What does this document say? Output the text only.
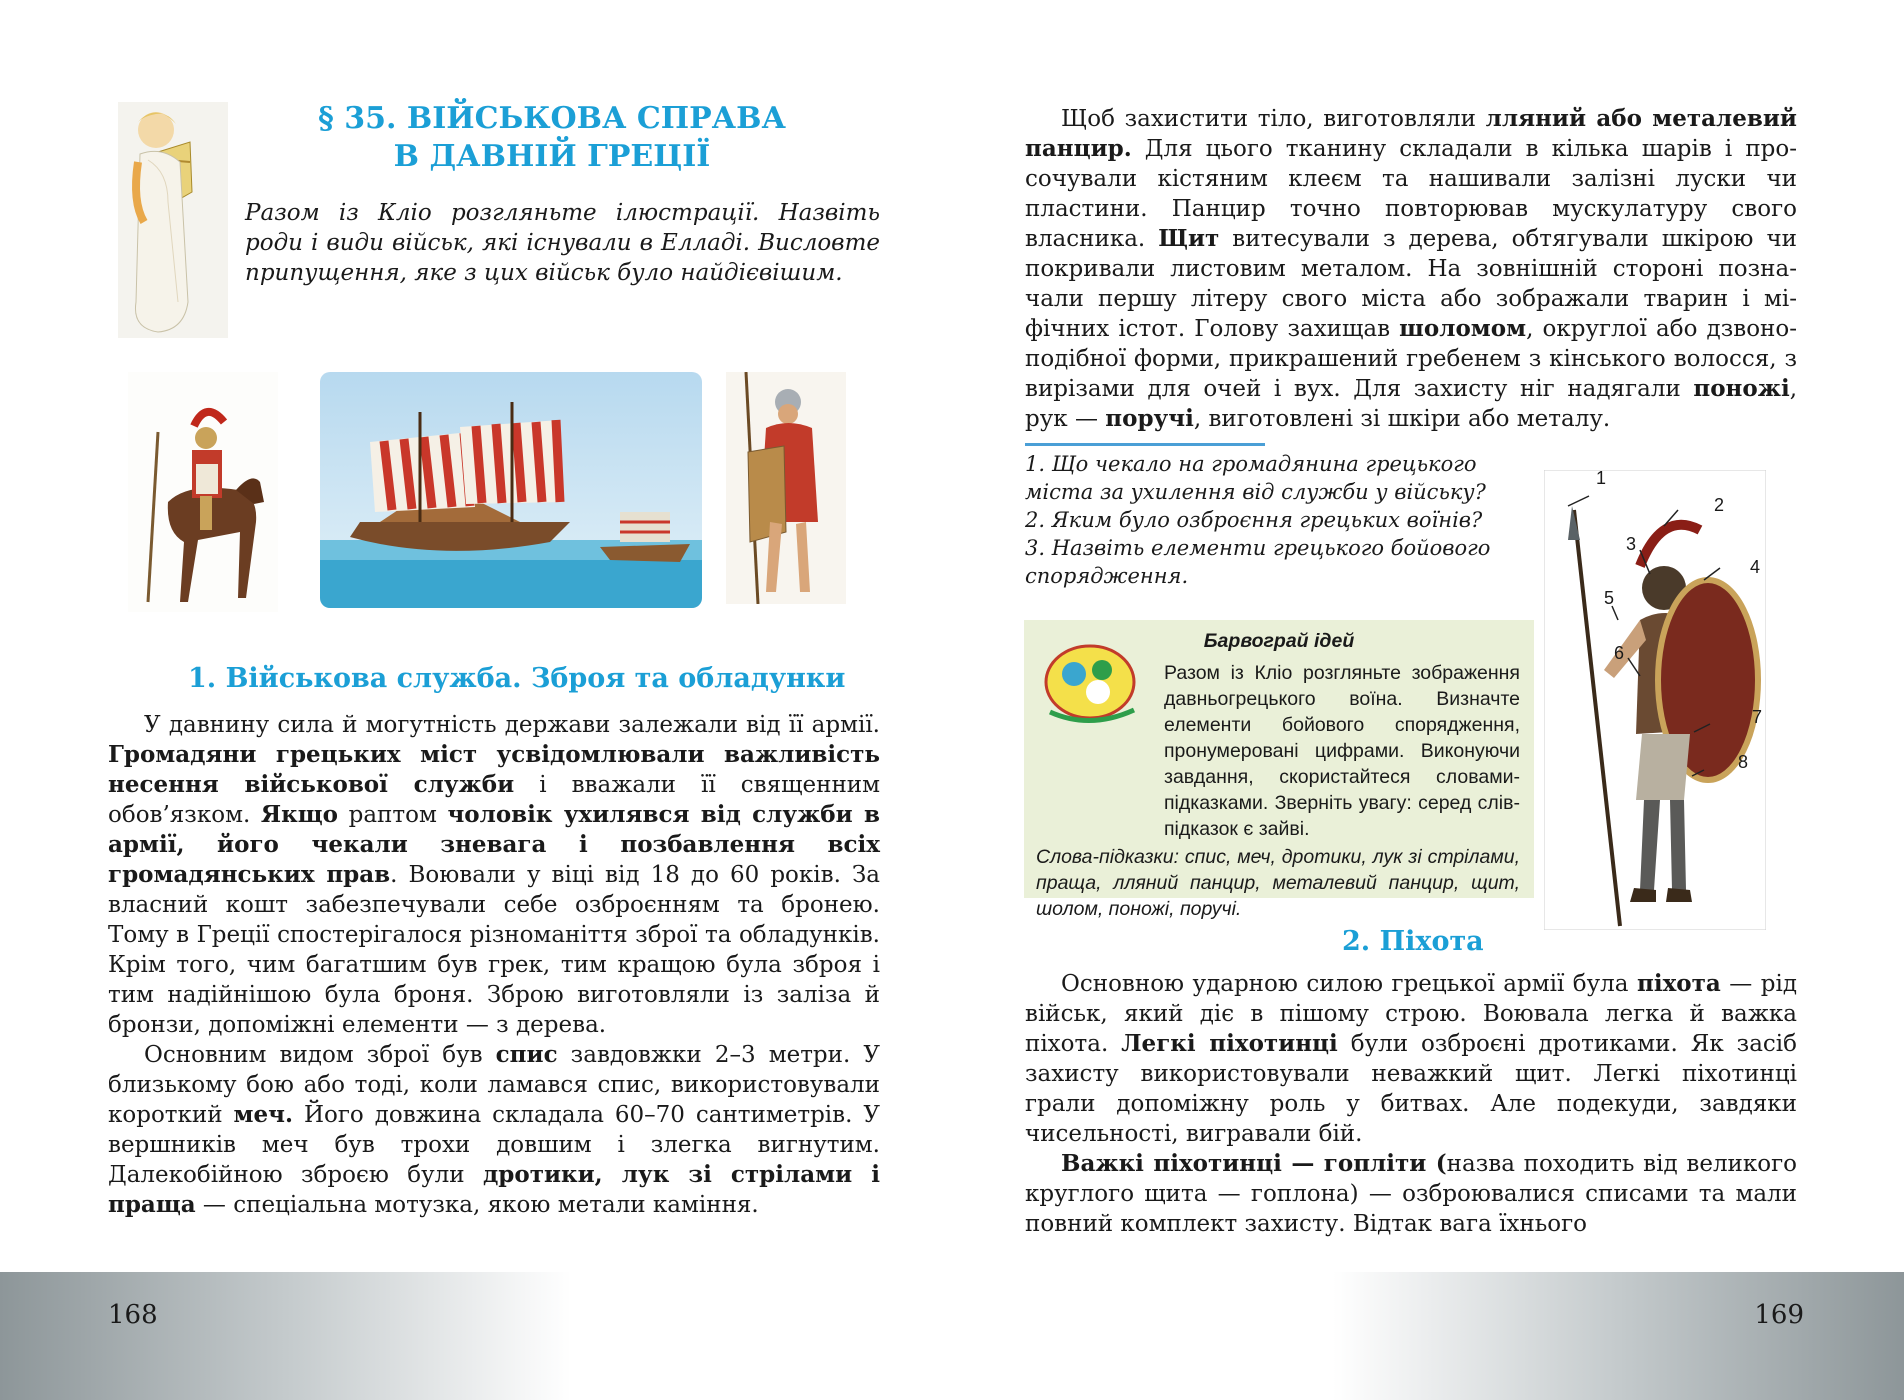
168
§ 35. ВІЙСЬКОВА СПРАВА
В ДАВНІЙ ГРЕЦІЇ
Разом із Кліо розгляньте ілюстрації. Назвіть роди і види військ, які існували в Елладі. Висловте припущення, яке з цих військ було найдієвішим.
1. Військова служба. Зброя та обладунки

У давнину сила й могутність держави залежали від її армії. Громадяни грецьких міст усвідомлювали важливість несення військової служби і вважали її священним обов’язком. Якщо раптом чоловік ухилявся від служби в армії, його чекали зневага і позбавлення всіх громадянських прав. Воювали у віці від 18 до 60 років. За власний кошт забезпечували себе озброєнням та бронею. Тому в Греції спостерігалося різноманіття зброї та обладунків. Крім того, чим багатшим був грек, тим кращою була зброя і тим надійнішою була броня. Зброю виготовляли із заліза й бронзи, допоміжні елементи — з дерева.

Основним видом зброї був спис завдовжки 2–3 метри. У близькому бою або тоді, коли ламався спис, використовували короткий меч. Його довжина складала 60–70 сантиметрів. У вершників меч був трохи довшим і злегка вигнутим. Далекобійною зброєю були дротики, лук зі стрілами і праща — спеціальна мотузка, якою метали каміння.

169

Щоб захистити тіло, виготовляли лляний або металевий панцир. Для цього тканину складали в кілька шарів і просочували кістяним клеєм та нашивали залізні луски чи пластини. Панцир точно повторював мускулатуру свого власника. Щит витесували з дерева, обтягували шкірою чи покривали листовим металом. На зовнішній стороні позначали першу літеру свого міста або зображали тварин і міфічних істот. Голову захищав шоломом, округлої або дзвоноподібної форми, прикрашений гребенем з кінського волосся, з вирізами для очей і вух. Для захисту ніг надягали поножі, рук — поручі, виготовлені зі шкіри або металу.

1. Що чекало на громадянина грецького міста за ухилення від служби у війську?
2. Яким було озброєння грецьких воїнів?
3. Назвіть елементи грецького бойового спорядження.
Барвограй ідей
Разом із Кліо розгляньте зображення давньогрецького воїна. Визначте елементи бойового спорядження, пронумеровані цифрами. Виконуючи завдання, скористайтеся словами-підказками. Зверніть увагу: серед слів-підказок є зайві.
Слова-підказки: спис, меч, дротики, лук зі стрілами, праща, лляний панцир, металевий панцир, щит, шолом, поножі, поручі.
1
2
3
4
5
6
7
8
2. Піхота

Основною ударною силою грецької армії була піхота — рід військ, який діє в пішому строю. Воювала легка й важка піхота. Легкі піхотинці були озброєні дротиками. Як засіб захисту використовували неважкий щит. Легкі піхотинці грали допоміжну роль у битвах. Але подекуди, завдяки чисельності, вигравали бій.

Важкі піхотинці — гопліти (назва походить від великого круглого щита — гоплона) — озброювалися списами та мали повний комплект захисту. Відтак вага їхнього
